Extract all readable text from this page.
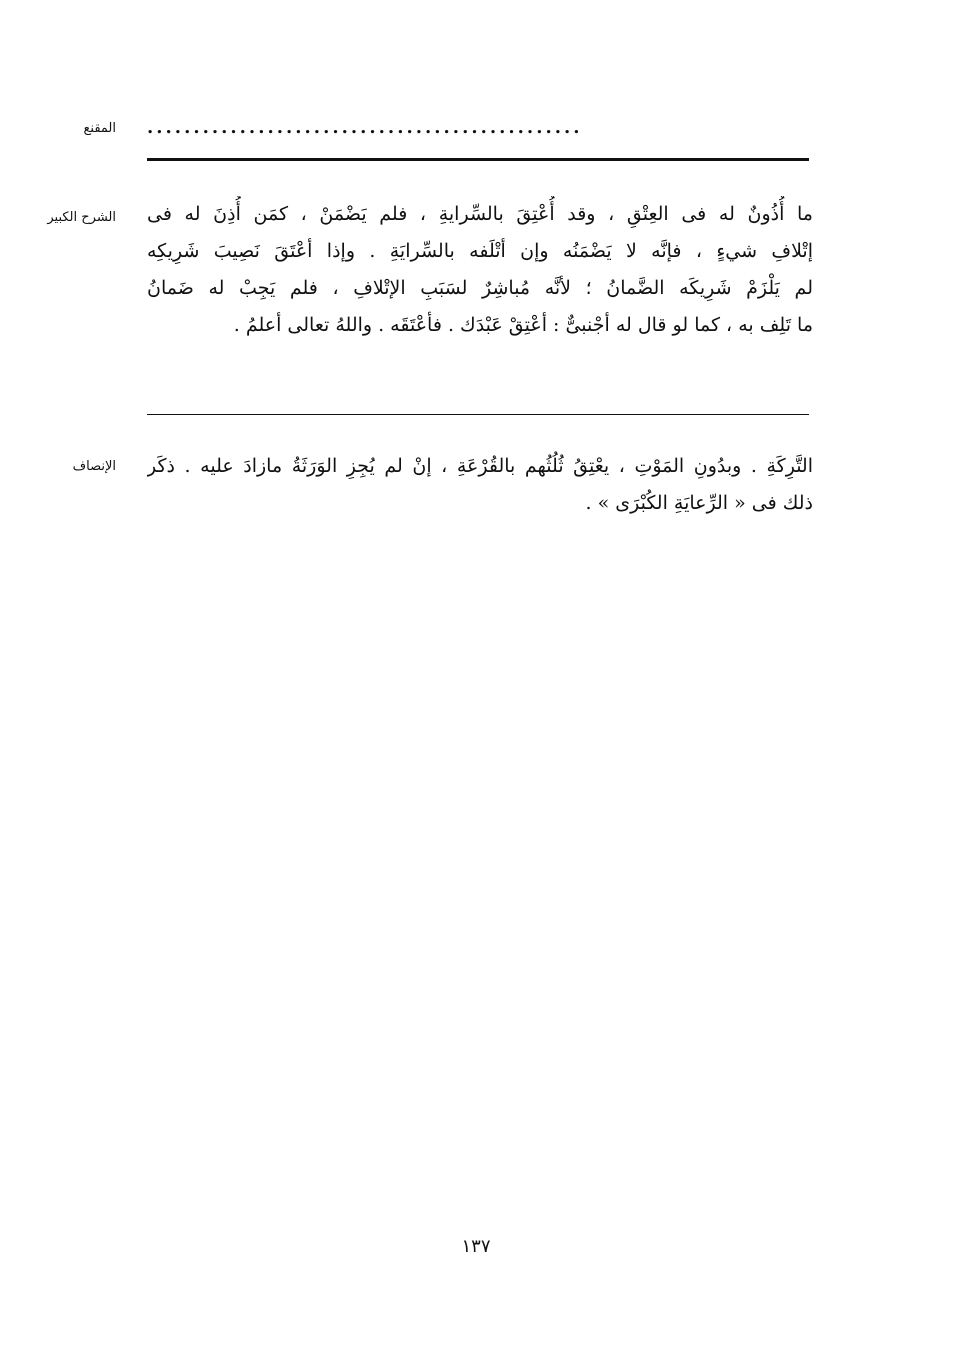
المقنع ...............................................
الشرح الكبير ما أُذُونٌ له فى العِتْقِ ، وقد أُعْتِقَ بالسِّرايةِ ، فلم يَضْمَنْ ، كمَن أُذِنَ له فى
إتْلافِ شيءٍ ، فإنَّه لا يَضْمَنُه وإن أتْلَفه بالسِّرايَةِ . وإذا أعْتَقَ نَصِيبَ شَرِيكِه
لم يَلْزَمْ شَرِيكَه الضَّمانُ ؛ لأنَّه مُباشِرٌ لسَبَبِ الإتْلافِ ، فلم يَجِبْ له ضَمانُ
ما تَلِف به ، كما لو قال له أجْنبىٌّ : أعْتِقْ عَبْدَك . فأعْتَقَه . واللهُ تعالى أعلمُ .
الإنصاف التَّرِكَةِ . وبدُونِ المَوْتِ ، يعْتِقُ ثُلُثُهم بالقُرْعَةِ ، إنْ لم يُجِزِ الوَرَثَةُ مازادَ عليه . ذكَر
ذلك فى « الرِّعايَةِ الكُبْرَى » .
١٣٧
